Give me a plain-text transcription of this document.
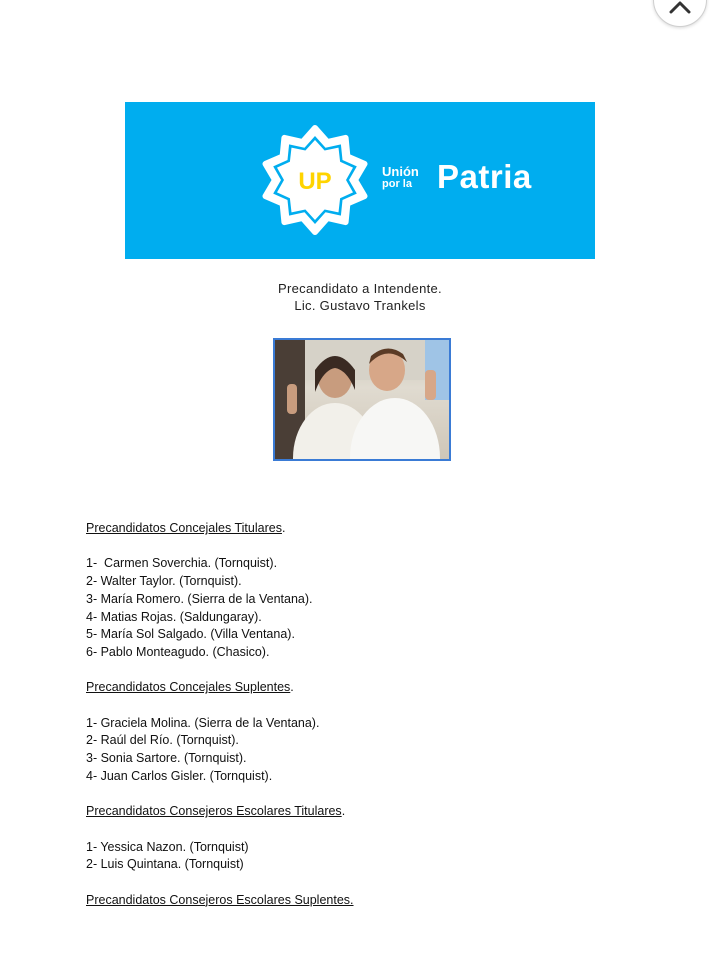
UP	Unión
por la Patria
Precandidato a Intendente.
Lic. Gustavo Trankels

Precandidatos Concejales Titulares.

1-  Carmen Soverchia. (Tornquist).

2- Walter Taylor. (Tornquist).

3- María Romero. (Sierra de la Ventana).

4- Matias Rojas. (Saldungaray).

5- María Sol Salgado. (Villa Ventana).

6- Pablo Monteagudo. (Chasico).

Precandidatos Concejales Suplentes.

1- Graciela Molina. (Sierra de la Ventana).

2- Raúl del Río. (Tornquist).

3- Sonia Sartore. (Tornquist).

4- Juan Carlos Gisler. (Tornquist).

Precandidatos Consejeros Escolares Titulares.

1- Yessica Nazon. (Tornquist)

2- Luis Quintana. (Tornquist)

Precandidatos Consejeros Escolares Suplentes.
